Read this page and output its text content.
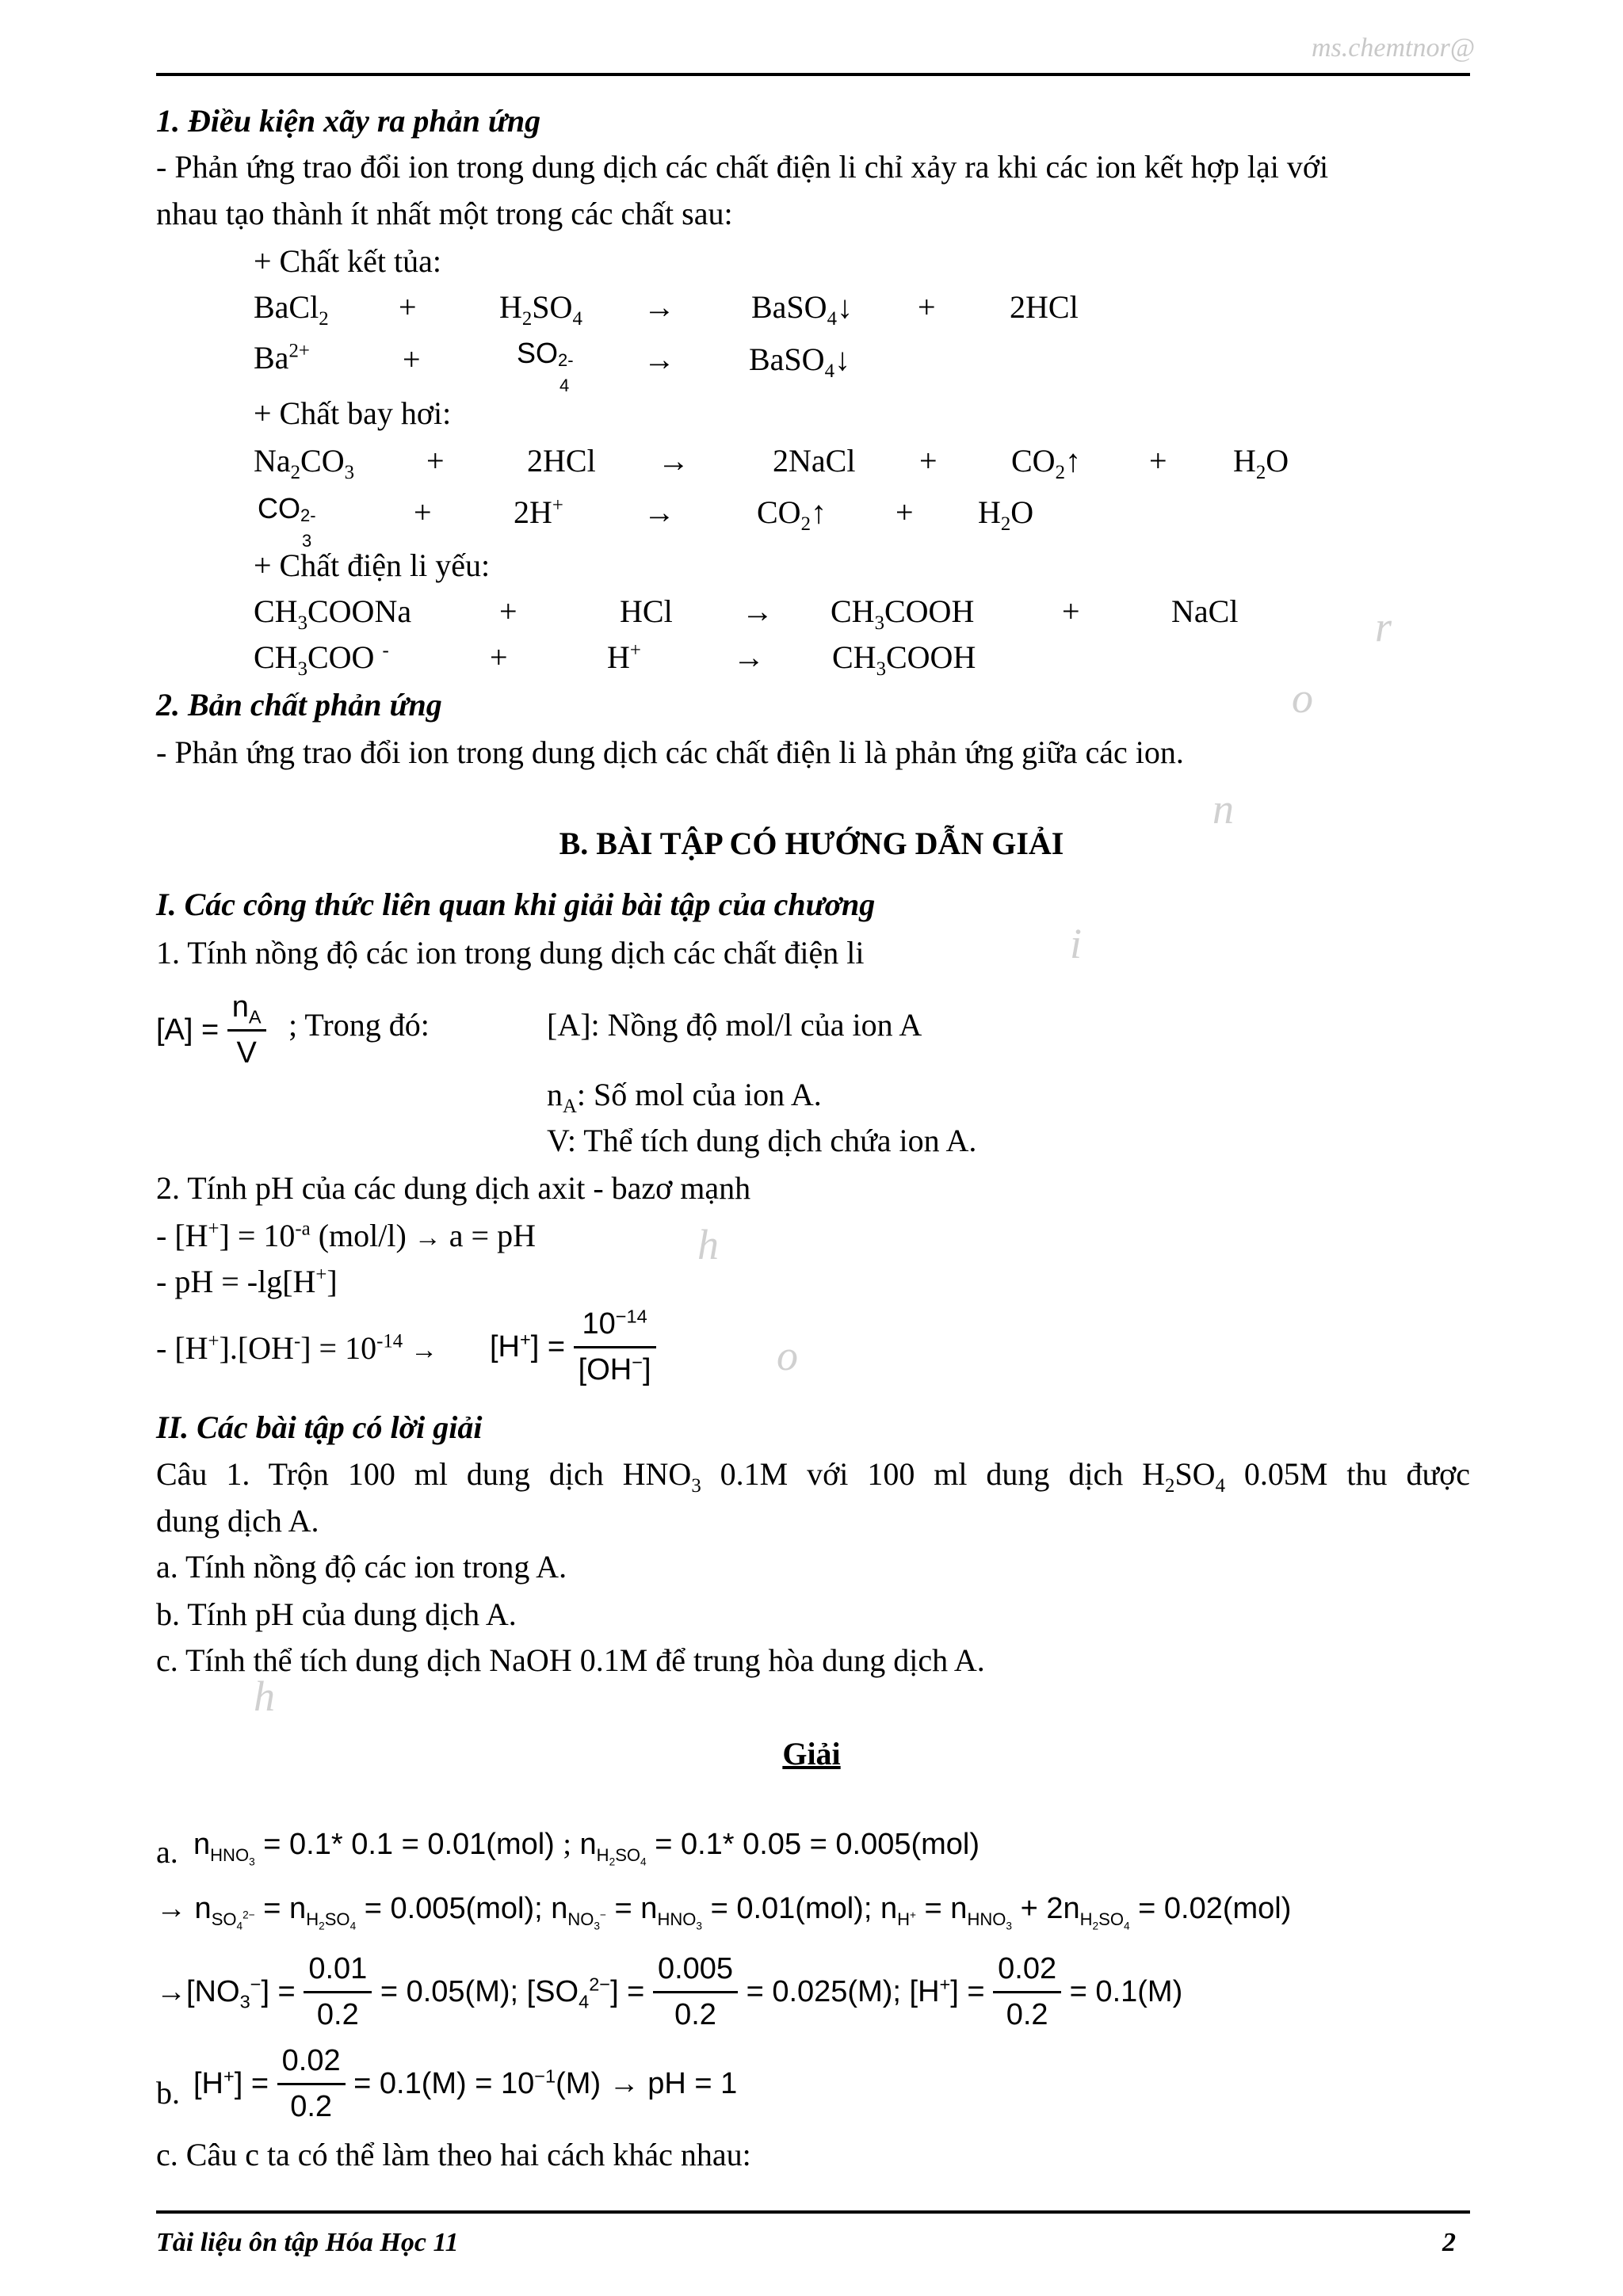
ms.chemtnor@
h
o
h
i
n
o
r
1. Điều kiện xãy ra phản ứng
- Phản ứng trao đổi ion trong dung dịch các chất điện li chỉ xảy ra khi các ion kết hợp lại với
nhau tạo thành ít nhất một trong các chất sau:
+ Chất kết tủa:
BaCl$_2$ +	$H_2SO_4$ → BaSO$_4$↓ + 2HCl
$Ba^{2+}$	+	SO 2-
4
→ BaSO$_4$↓
+ Chất bay hơi:
$Na_2CO_3$ +	2HCl →	2NaCl + $CO_2↑ + H_2O$
CO 2-
3
+	2H+	→	$CO_2↑ + H_2O$
+ Chất điện li yếu:
$CH_3COONa$	+	HCl → $CH_3COOH$	+	NaCl
$CH_3COO$ -	+	H+	→ $CH_3COOH$
2. Bản chất phản ứng
- Phản ứng trao đổi ion trong dung dịch các chất điện li là phản ứng giữa các ion.
B. BÀI TẬP CÓ HƯỚNG DẪN GIẢI
I. Các công thức liên quan khi giải bài tập của chương
1. Tính nồng độ các ion trong dung dịch các chất điện li
$[A] = \frac{n_A}{V}$ ; Trong đó:	[A]: Nồng độ mol/l của ion A
$n_A$: Số mol của ion A.
V: Thể tích dung dịch chứa ion A.
2. Tính pH của các dung dịch axit - bazơ mạnh
- $[H^+] = 10^{-a}$ (mol/l) → a = pH
- pH = -lg[H+]
- $[H^+].[OH^-] = 10^{-14} \to [H^+] = \frac{10^{-14}}{[OH^-]}$
II. Các bài tập có lời giải
Câu 1. Trộn 100 ml dung dịch $HNO_3$ 0.1M với 100 ml dung dịch $H_2SO_4$ 0.05M thu được
dung dịch A.
a. Tính nồng độ các ion trong A.
b. Tính pH của dung dịch A.
c. Tính thể tích dung dịch NaOH 0.1M để trung hòa dung dịch A.
Giải
a. $n_{HNO_3} = 0.1*$ 0.1 = 0.01(mol) ; $n_{H_2SO_4} = 0.1*$ 0.05 = 0.005(mol)
→ $n_{SO_4^{2-}} = n_{H_2SO_4} = 0.005(mol)$; $n_{NO_3^-} = n_{HNO_3} = 0.01(mol)$; $n_{H^+} = n_{HNO_3} + 2n_{H_2SO_4} = 0.02(mol)$
$\to[NO_3^-] = \frac{0.01}{0.2} = 0.05(M)$; $[SO_4^{2-}] = \frac{0.005}{0.2} = 0.025(M)$; $[H^+] = \frac{0.02}{0.2} = 0.1(M)$
b. $[H^+] = \frac{0.02}{0.2} = 0.1(M) = 10^{-1}(M)$ → pH = 1
c. Câu c ta có thể làm theo hai cách khác nhau:
Tài liệu ôn tập Hóa Học 11	2
